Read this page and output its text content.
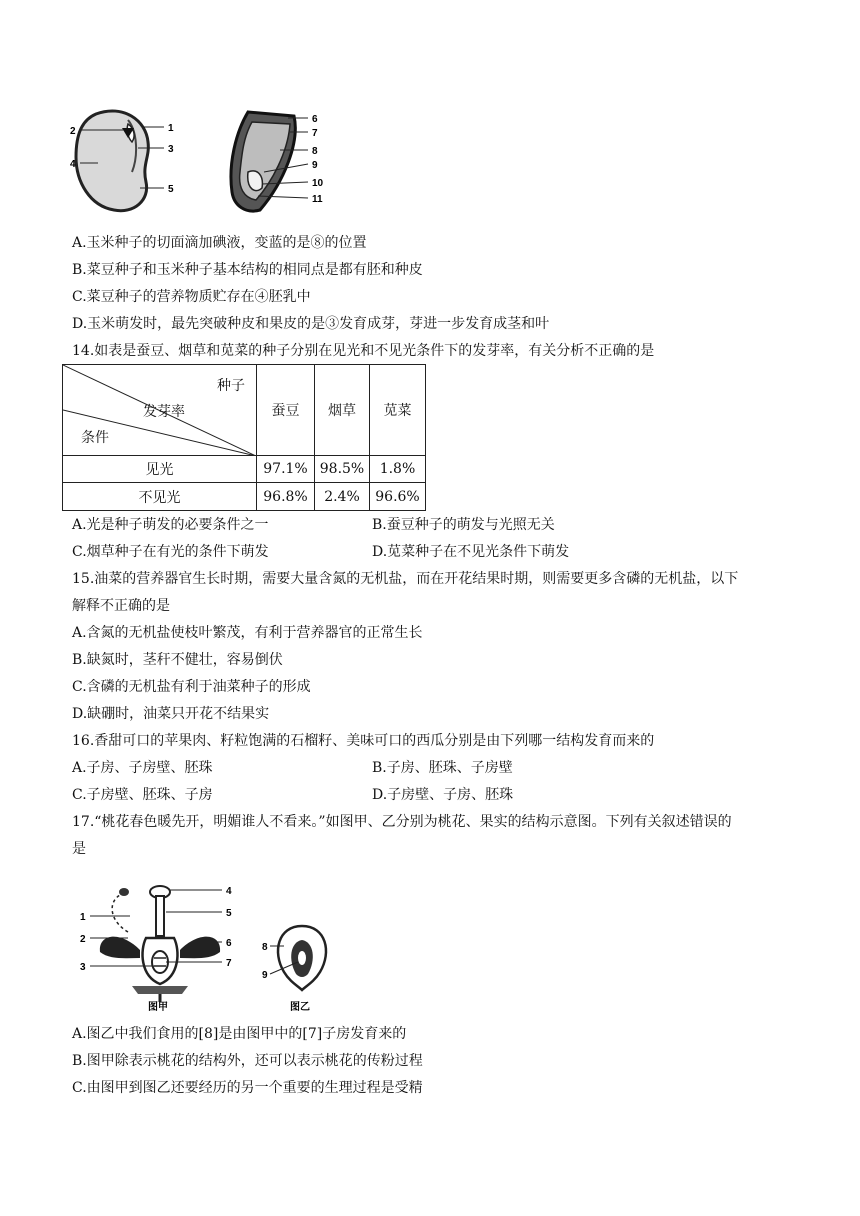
1
2
3
4
5
6
7
8
9
10
11
A.玉米种子的切面滴加碘液，变蓝的是⑧的位置
B.菜豆种子和玉米种子基本结构的相同点是都有胚和种皮
C.菜豆种子的营养物质贮存在④胚乳中
D.玉米萌发时，最先突破种皮和果皮的是③发育成芽，芽进一步发育成茎和叶
14.如表是蚕豆、烟草和苋菜的种子分别在见光和不见光条件下的发芽率，有关分析不正确的是
种子
发芽率
条件	蚕豆	烟草	苋菜
见光	97.1%	98.5%	1.8%
不见光	96.8%	2.4%	96.6%
A.光是种子萌发的必要条件之一	B.蚕豆种子的萌发与光照无关
C.烟草种子在有光的条件下萌发	D.苋菜种子在不见光条件下萌发
15.油菜的营养器官生长时期，需要大量含氮的无机盐，而在开花结果时期，则需要更多含磷的无机盐，以下
解释不正确的是
A.含氮的无机盐使枝叶繁茂，有利于营养器官的正常生长
B.缺氮时，茎秆不健壮，容易倒伏
C.含磷的无机盐有利于油菜种子的形成
D.缺硼时，油菜只开花不结果实
16.香甜可口的苹果肉、籽粒饱满的石榴籽、美味可口的西瓜分别是由下列哪一结构发育而来的
A.子房、子房壁、胚珠	B.子房、胚珠、子房壁
C.子房壁、胚珠、子房	D.子房壁、子房、胚珠
17.“桃花春色暖先开，明媚谁人不看来。”如图甲、乙分别为桃花、果实的结构示意图。下列有关叙述错误的
是
1
2
3
4
5
6
7
图甲
8
9
图乙
A.图乙中我们食用的[8]是由图甲中的[7]子房发育来的
B.图甲除表示桃花的结构外，还可以表示桃花的传粉过程
C.由图甲到图乙还要经历的另一个重要的生理过程是受精
